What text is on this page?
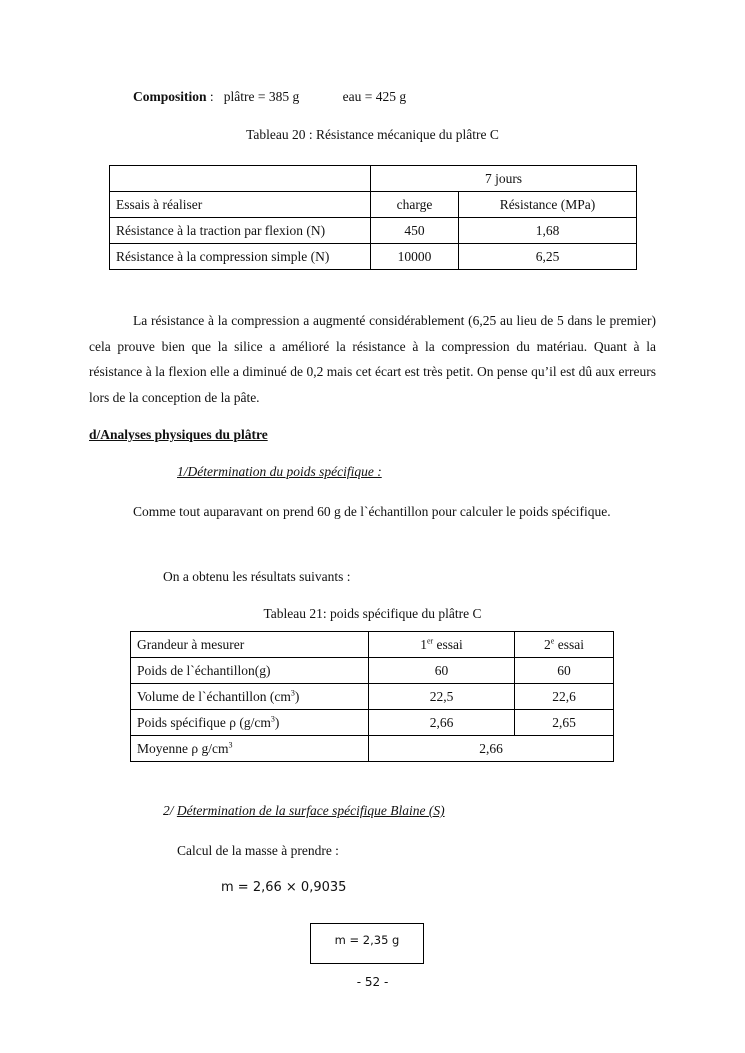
Composition : plâtre = 385 g	eau = 425 g
Tableau 20 : Résistance mécanique du plâtre C
	7 jours	
Essais à réaliser	charge	Résistance (MPa)
Résistance à la traction par flexion (N)	450	1,68
Résistance à la compression simple (N)	10000	6,25
La résistance à la compression a augmenté considérablement (6,25 au lieu de 5 dans le premier) cela prouve bien que la silice a amélioré la résistance à la compression du matériau. Quant à la résistance à la flexion elle a diminué de 0,2 mais cet écart est très petit. On pense qu’il est dû aux erreurs lors de la conception de la pâte.
d/Analyses physiques du plâtre
1/Détermination du poids spécifique :
Comme tout auparavant on prend 60 g de l`échantillon pour calculer le poids spécifique.
On a obtenu les résultats suivants :
Tableau 21: poids spécifique du plâtre C
Grandeur à mesurer	1er essai	2e essai
Poids de l`échantillon(g)	60	60
Volume de l`échantillon $(cm^3)$	22,5	22,6
Poids spécifique ρ $(g/cm^3)$	2,66	2,65
Moyenne ρ $g/cm^3$	2,66	
2/ Détermination de la surface spécifique Blaine (S)
Calcul de la masse à prendre :
m = 2,66 × 0,9035
m = 2,35 g
- 52 -
